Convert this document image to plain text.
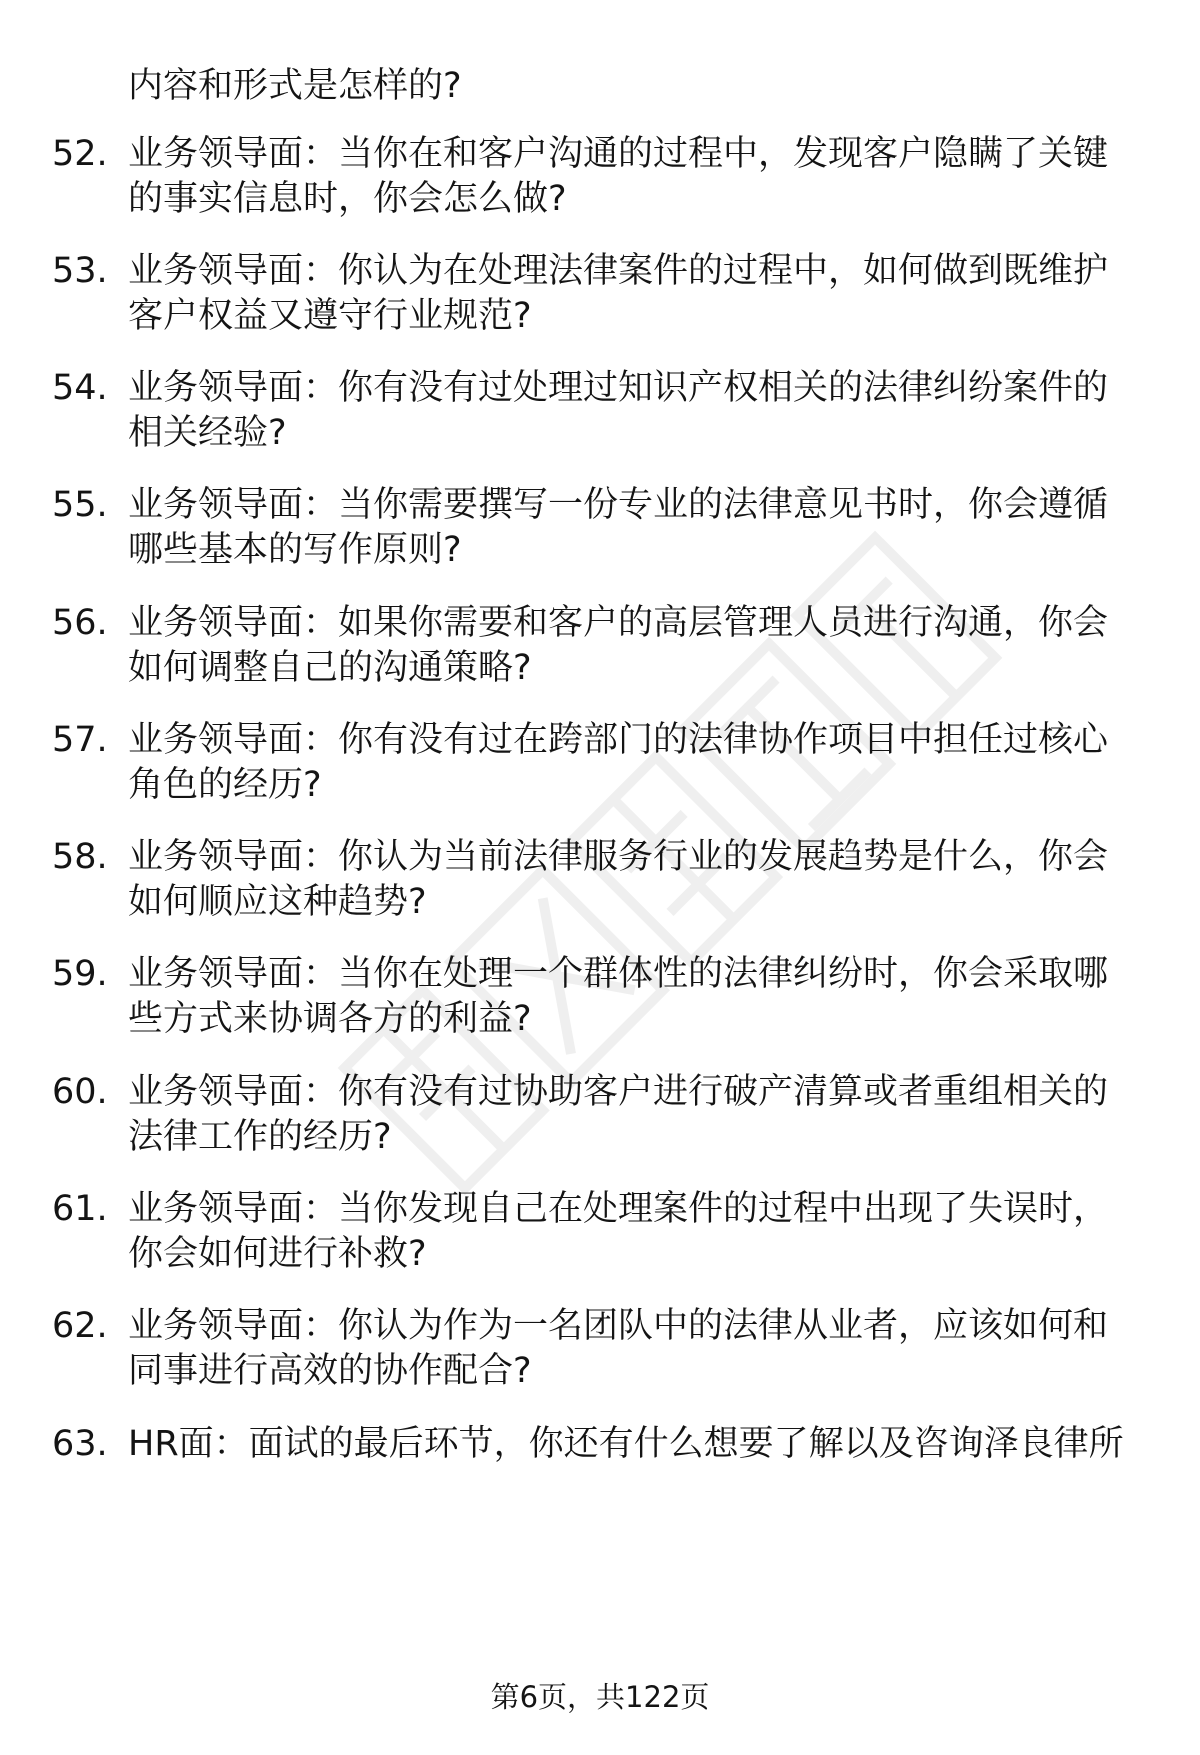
内容和形式是怎样的?
52. 业务领导面：当你在和客户沟通的过程中，发现客户隐瞒了关键
的事实信息时，你会怎么做?
53. 业务领导面：你认为在处理法律案件的过程中，如何做到既维护
客户权益又遵守行业规范?
54. 业务领导面：你有没有过处理过知识产权相关的法律纠纷案件的
相关经验?
55. 业务领导面：当你需要撰写一份专业的法律意见书时，你会遵循
哪些基本的写作原则?
56. 业务领导面：如果你需要和客户的高层管理人员进行沟通，你会
如何调整自己的沟通策略?
57. 业务领导面：你有没有过在跨部门的法律协作项目中担任过核心
角色的经历?
58. 业务领导面：你认为当前法律服务行业的发展趋势是什么，你会
如何顺应这种趋势?
59. 业务领导面：当你在处理一个群体性的法律纠纷时，你会采取哪
些方式来协调各方的利益?
60. 业务领导面：你有没有过协助客户进行破产清算或者重组相关的
法律工作的经历?
61. 业务领导面：当你发现自己在处理案件的过程中出现了失误时，
你会如何进行补救?
62. 业务领导面：你认为作为一名团队中的法律从业者，应该如何和
同事进行高效的协作配合?
63. HR面：面试的最后环节，你还有什么想要了解以及咨询泽良律所
第6页，共122页
